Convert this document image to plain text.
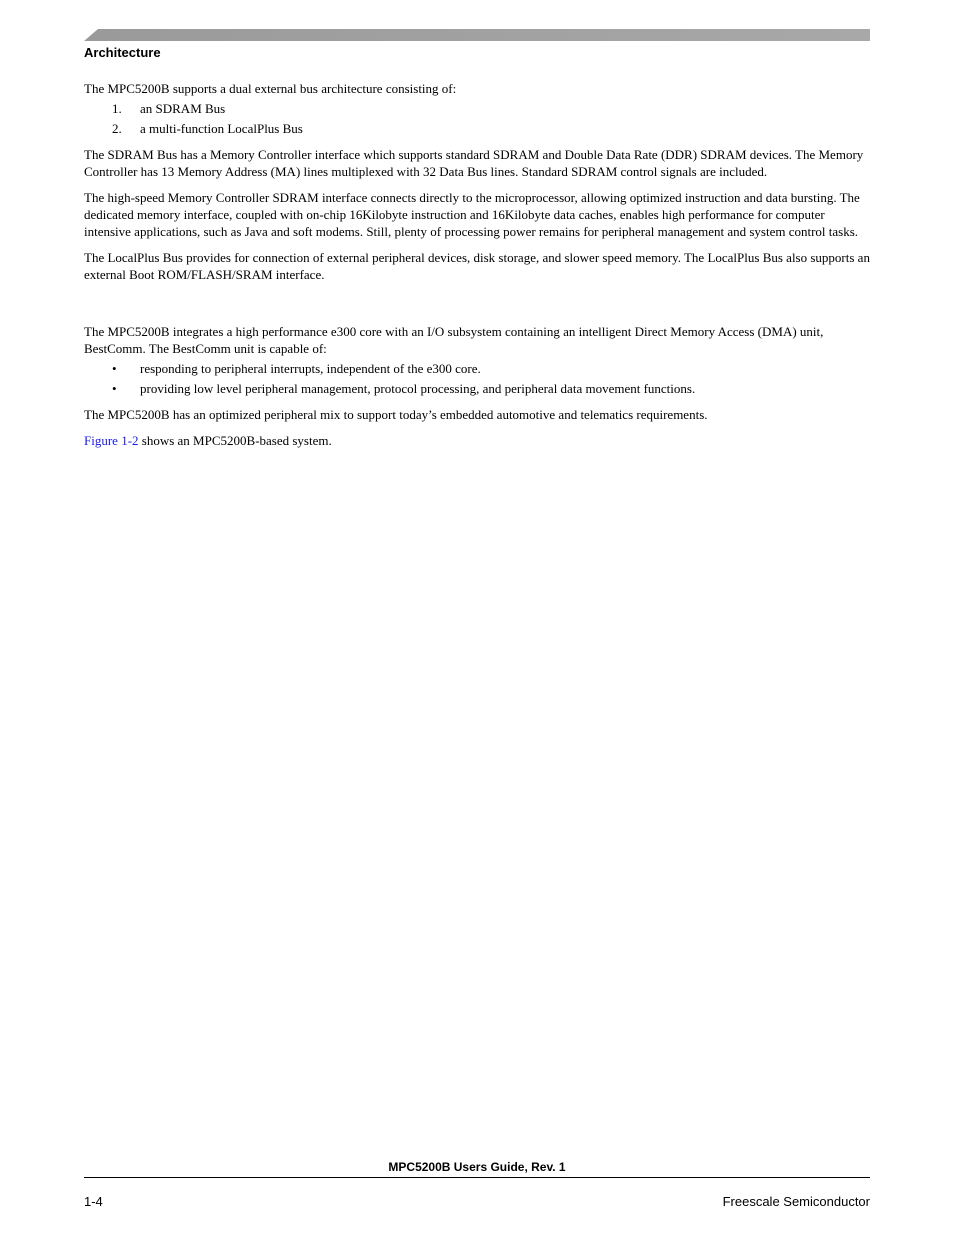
Architecture

The MPC5200B supports a dual external bus architecture consisting of:

1. an SDRAM Bus
2. a multi-function LocalPlus Bus

The SDRAM Bus has a Memory Controller interface which supports standard SDRAM and Double Data Rate (DDR) SDRAM devices. The Memory Controller has 13 Memory Address (MA) lines multiplexed with 32 Data Bus lines. Standard SDRAM control signals are included.

The high-speed Memory Controller SDRAM interface connects directly to the microprocessor, allowing optimized instruction and data bursting. The dedicated memory interface, coupled with on-chip 16Kilobyte instruction and 16Kilobyte data caches, enables high performance for computer intensive applications, such as Java and soft modems. Still, plenty of processing power remains for peripheral management and system control tasks.

The LocalPlus Bus provides for connection of external peripheral devices, disk storage, and slower speed memory. The LocalPlus Bus also supports an external Boot ROM/FLASH/SRAM interface.

The MPC5200B integrates a high performance e300 core with an I/O subsystem containing an intelligent Direct Memory Access (DMA) unit, BestComm. The BestComm unit is capable of:

• responding to peripheral interrupts, independent of the e300 core.
• providing low level peripheral management, protocol processing, and peripheral data movement functions.

The MPC5200B has an optimized peripheral mix to support today’s embedded automotive and telematics requirements.

Figure 1-2 shows an MPC5200B-based system.

MPC5200B Users Guide, Rev. 1
1-4	Freescale Semiconductor
